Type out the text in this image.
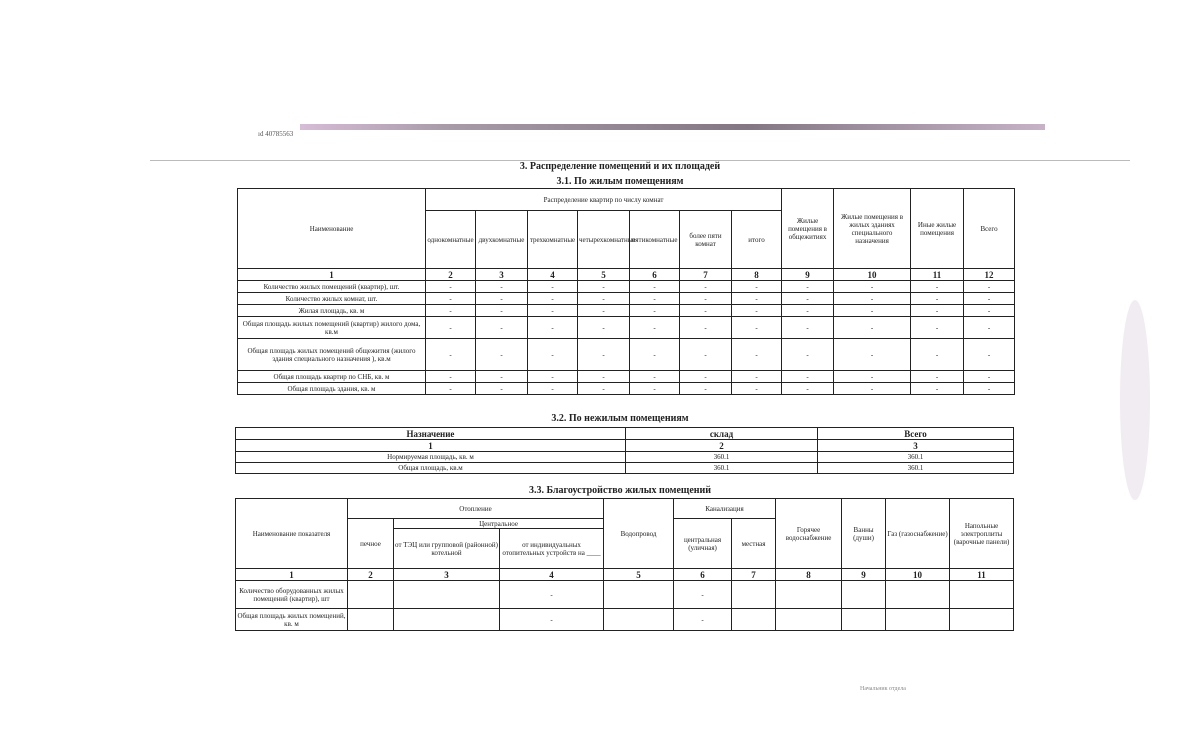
ıd 40785563
3. Распределение помещений и их площадей
3.1. По жилым помещениям
Наименование	Распределение квартир по числу комнат							Жилые помещения в общежитиях	Жилые помещения в жилых зданиях специального назначения	Иные жилые помещения	Всего
	однокомнатные	двухкомнатные	трехкомнатные	четырехкомнатные	пятикомнатные	более пяти комнат	итого				
1	2	3	4	5	6	7	8	9	10	11	12
Количество жилых помещений (квартир), шт.	-	-	-	-	-	-	-	-	-	-	-
Количество жилых комнат, шт.	-	-	-	-	-	-	-	-	-	-	-
Жилая площадь, кв. м	-	-	-	-	-	-	-	-	-	-	-
Общая площадь жилых помещений (квартир) жилого дома, кв.м	-	-	-	-	-	-	-	-	-	-	-
Общая площадь жилых помещений общежития (жилого здания специального назначения ), кв.м	-	-	-	-	-	-	-	-	-	-	-
Общая площадь квартир по СНБ, кв. м	-	-	-	-	-	-	-	-	-	-	-
Общая площадь здания, кв. м	-	-	-	-	-	-	-	-	-	-	-
3.2. По нежилым помещениям
Назначение	склад	Всего
1	2	3
Нормируемая площадь, кв. м	360.1	360.1
Общая площадь, кв.м	360.1	360.1
3.3. Благоустройство жилых помещений
Наименование показателя	Отопление			Водопровод	Канализация		Горячее водоснабжение	Ванны (души)	Газ (газоснабжение)	Напольные электроплиты (варочные панели)
	печное	Центральное			центральная (уличная)	местная				
		от ТЭЦ или групповой (районной) котельной	от индивидуальных отопительных устройств на ____							
1	2	3	4	5	6	7	8	9	10	11
Количество оборудованных жилых помещений (квартир), шт			-		-					
Общая площадь жилых помещений, кв. м			-		-					
Начальник отдела
